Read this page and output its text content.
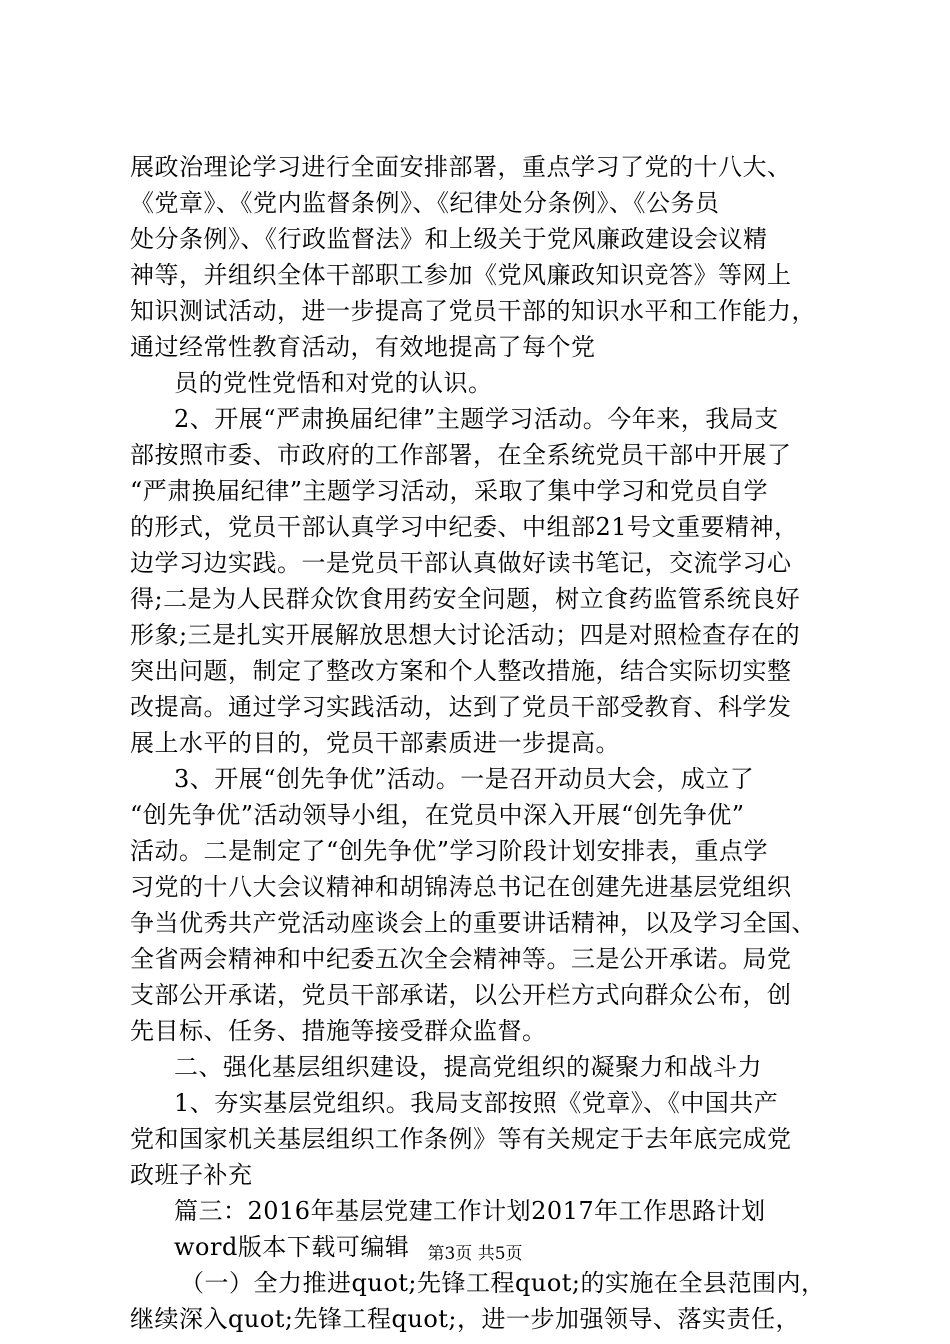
展政治理论学习进行全面安排部署，重点学习了党的十八大、
《党章》、《党内监督条例》、《纪律处分条例》、《公务员
处分条例》、《行政监督法》和上级关于党风廉政建设会议精
神等，并组织全体干部职工参加《党风廉政知识竞答》等网上
知识测试活动，进一步提高了党员干部的知识水平和工作能力，
通过经常性教育活动，有效地提高了每个党
员的党性党悟和对党的认识。
2、开展“严肃换届纪律”主题学习活动。今年来，我局支
部按照市委、市政府的工作部署，在全系统党员干部中开展了
“严肃换届纪律”主题学习活动，采取了集中学习和党员自学
的形式，党员干部认真学习中纪委、中组部21号文重要精神，
边学习边实践。一是党员干部认真做好读书笔记，交流学习心
得;二是为人民群众饮食用药安全问题，树立食药监管系统良好
形象;三是扎实开展解放思想大讨论活动；四是对照检查存在的
突出问题，制定了整改方案和个人整改措施，结合实际切实整
改提高。通过学习实践活动，达到了党员干部受教育、科学发
展上水平的目的，党员干部素质进一步提高。
3、开展“创先争优”活动。一是召开动员大会，成立了
“创先争优”活动领导小组，在党员中深入开展“创先争优”
活动。二是制定了“创先争优”学习阶段计划安排表，重点学
习党的十八大会议精神和胡锦涛总书记在创建先进基层党组织
争当优秀共产党活动座谈会上的重要讲话精神，以及学习全国、
全省两会精神和中纪委五次全会精神等。三是公开承诺。局党
支部公开承诺，党员干部承诺，以公开栏方式向群众公布，创
先目标、任务、措施等接受群众监督。
二、强化基层组织建设，提高党组织的凝聚力和战斗力
1、夯实基层党组织。我局支部按照《党章》、《中国共产
党和国家机关基层组织工作条例》等有关规定于去年底完成党
政班子补充
篇三：2016年基层党建工作计划2017年工作思路计划
word版本下载可编辑
（一）全力推进quot;先锋工程quot;的实施在全县范围内，
继续深入quot;先锋工程quot;，进一步加强领导、落实责任，
第3页 共5页
